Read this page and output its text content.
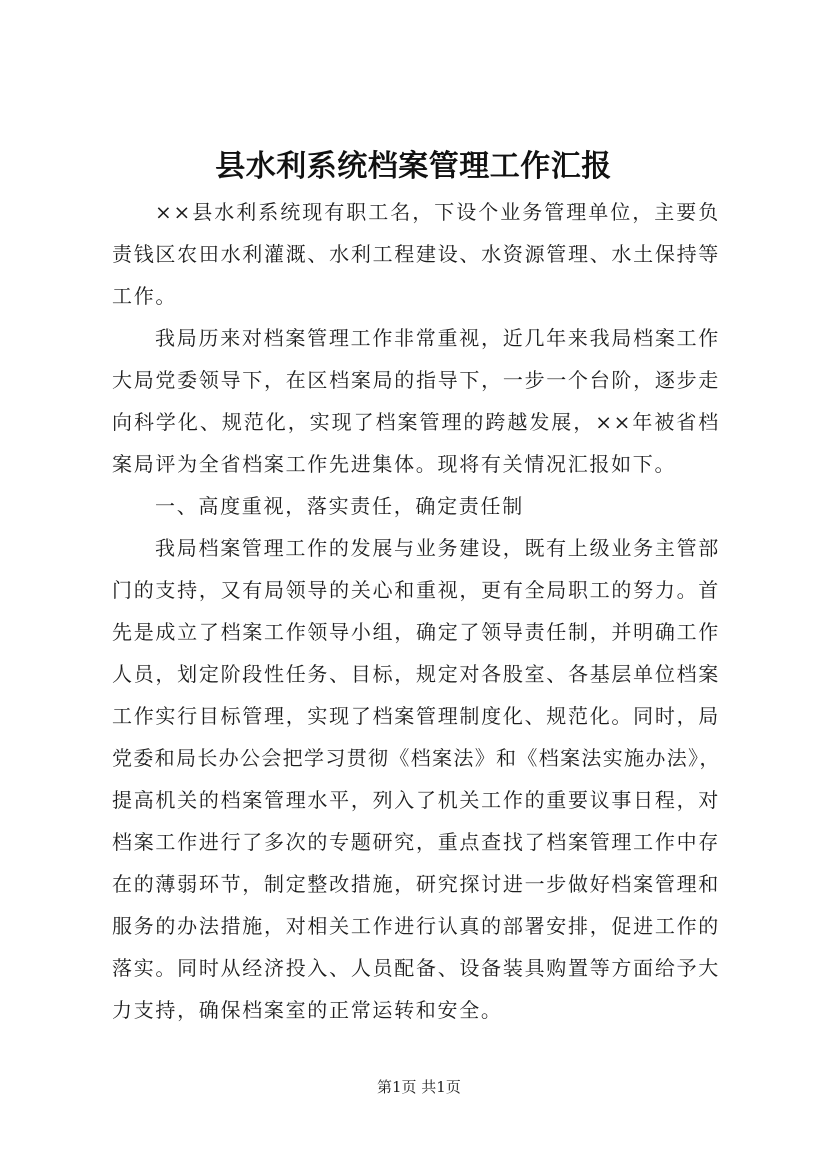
县水利系统档案管理工作汇报
××县水利系统现有职工名，下设个业务管理单位，主要负
责钱区农田水利灌溉、水利工程建设、水资源管理、水土保持等
工作。
我局历来对档案管理工作非常重视，近几年来我局档案工作
大局党委领导下，在区档案局的指导下，一步一个台阶，逐步走
向科学化、规范化，实现了档案管理的跨越发展，××年被省档
案局评为全省档案工作先进集体。现将有关情况汇报如下。
一、高度重视，落实责任，确定责任制
我局档案管理工作的发展与业务建设，既有上级业务主管部
门的支持，又有局领导的关心和重视，更有全局职工的努力。首
先是成立了档案工作领导小组，确定了领导责任制，并明确工作
人员，划定阶段性任务、目标，规定对各股室、各基层单位档案
工作实行目标管理，实现了档案管理制度化、规范化。同时，局
党委和局长办公会把学习贯彻《档案法》和《档案法实施办法》，
提高机关的档案管理水平，列入了机关工作的重要议事日程，对
档案工作进行了多次的专题研究，重点查找了档案管理工作中存
在的薄弱环节，制定整改措施，研究探讨进一步做好档案管理和
服务的办法措施，对相关工作进行认真的部署安排，促进工作的
落实。同时从经济投入、人员配备、设备装具购置等方面给予大
力支持，确保档案室的正常运转和安全。
第1页 共1页
